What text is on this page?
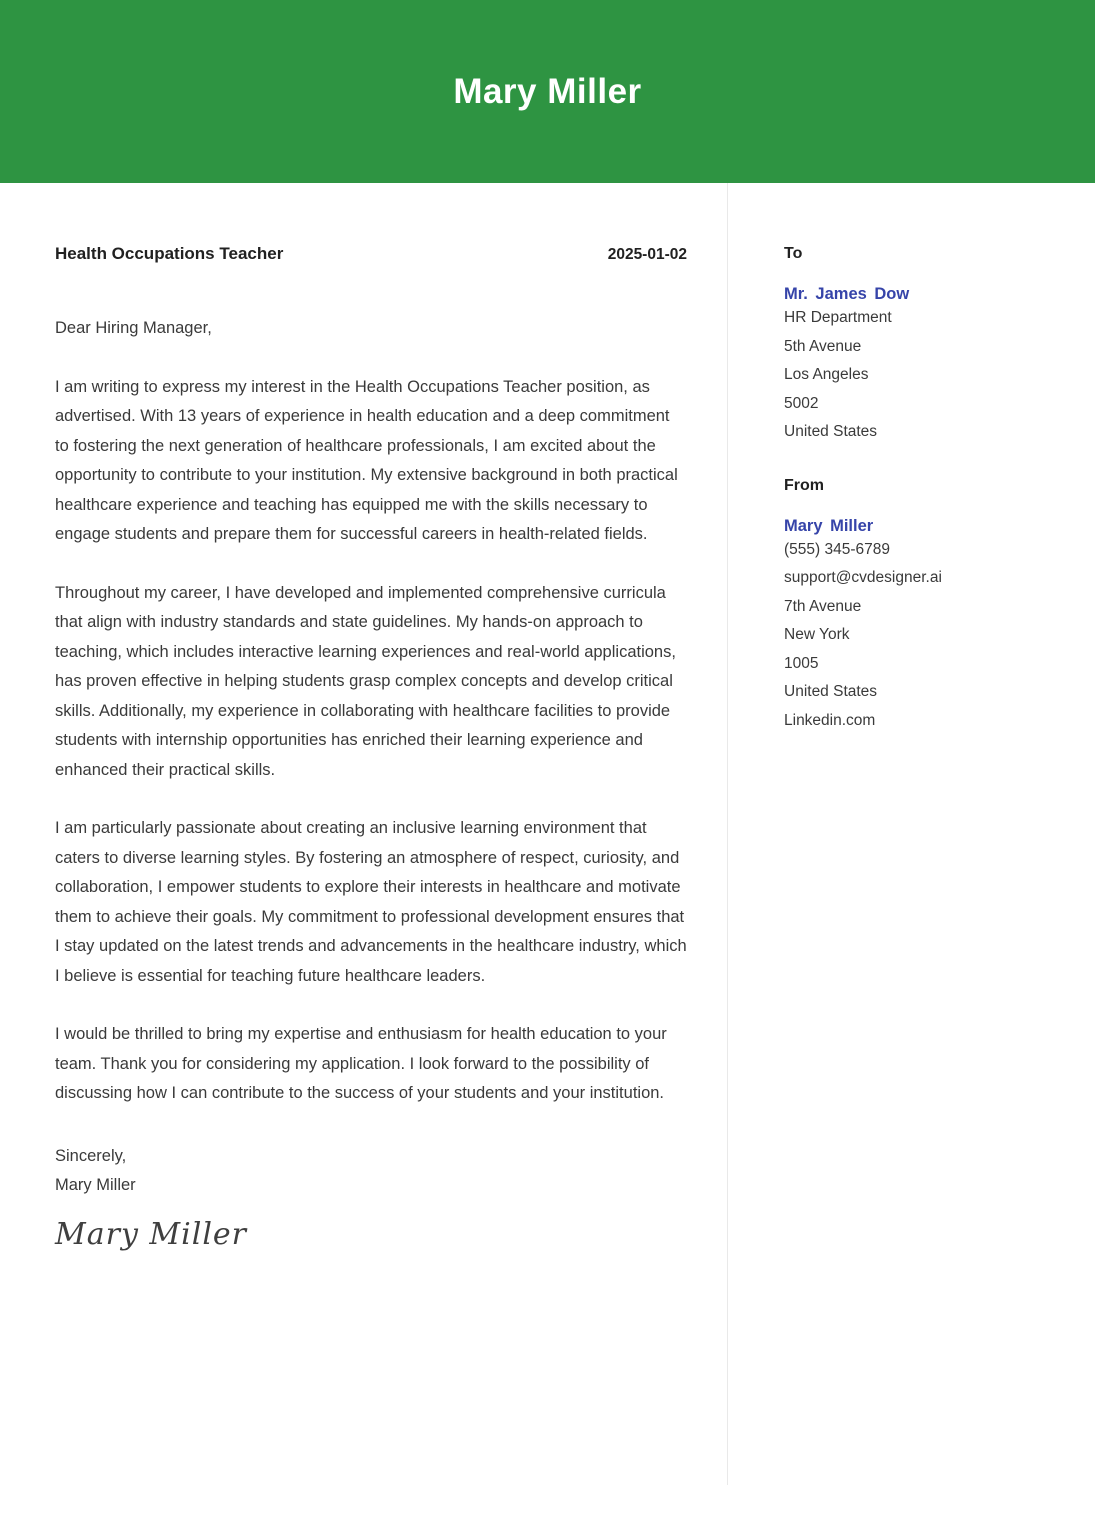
Mary Miller
Health Occupations Teacher	2025-01-02
Dear Hiring Manager,

I am writing to express my interest in the Health Occupations Teacher position, as advertised. With 13 years of experience in health education and a deep commitment to fostering the next generation of healthcare professionals, I am excited about the opportunity to contribute to your institution. My extensive background in both practical healthcare experience and teaching has equipped me with the skills necessary to engage students and prepare them for successful careers in health-related fields.

Throughout my career, I have developed and implemented comprehensive curricula that align with industry standards and state guidelines. My hands-on approach to teaching, which includes interactive learning experiences and real-world applications, has proven effective in helping students grasp complex concepts and develop critical skills. Additionally, my experience in collaborating with healthcare facilities to provide students with internship opportunities has enriched their learning experience and enhanced their practical skills.

I am particularly passionate about creating an inclusive learning environment that caters to diverse learning styles. By fostering an atmosphere of respect, curiosity, and collaboration, I empower students to explore their interests in healthcare and motivate them to achieve their goals. My commitment to professional development ensures that I stay updated on the latest trends and advancements in the healthcare industry, which I believe is essential for teaching future healthcare leaders.

I would be thrilled to bring my expertise and enthusiasm for health education to your team. Thank you for considering my application. I look forward to the possibility of discussing how I can contribute to the success of your students and your institution.

Sincerely,
Mary Miller
Mary Miller
To
Mr. James Dow
HR Department
5th Avenue
Los Angeles
5002
United States
From
Mary Miller
(555) 345-6789
support@cvdesigner.ai
7th Avenue
New York
1005
United States
Linkedin.com
